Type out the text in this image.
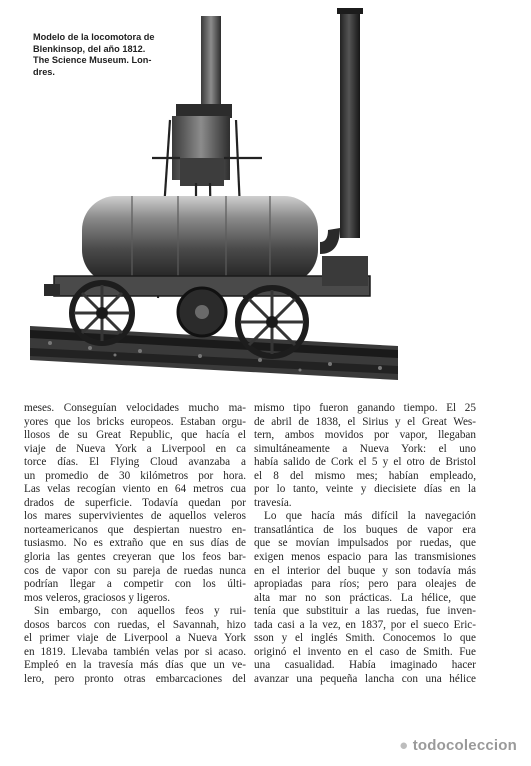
Modelo de la locomotora de
Blenkinsop, del año 1812.
The Science Museum. Lon-
dres.
meses. Conseguían velocidades mucho ma-
yores que los bricks europeos. Estaban orgu-
llosos de su Great Republic, que hacía el
viaje de Nueva York a Liverpool en ca
torce días. El Flying Cloud avanzaba a
un promedio de 30 kilómetros por hora.
Las velas recogían viento en 64 metros cua
drados de superficie. Todavía quedan por
los mares supervivientes de aquellos veleros
norteamericanos que despiertan nuestro en-
tusiasmo. No es extraño que en sus días de
gloria las gentes creyeran que los feos bar-
cos de vapor con su pareja de ruedas nunca
podrían llegar a competir con los últi-
mos veleros, graciosos y ligeros.
Sin embargo, con aquellos feos y rui-
dosos barcos con ruedas, el Savannah, hizo
el primer viaje de Liverpool a Nueva York
en 1819. Llevaba también velas por si acaso.
Empleó en la travesía más días que un ve-
lero, pero pronto otras embarcaciones del
mismo tipo fueron ganando tiempo. El 25
de abril de 1838, el Sirius y el Great Wes-
tern, ambos movidos por vapor, llegaban
simultáneamente a Nueva York: el uno
había salido de Cork el 5 y el otro de Bristol
el 8 del mismo mes; habían empleado,
por lo tanto, veinte y diecisiete días en la
travesía.
Lo que hacía más difícil la navegación
transatlántica de los buques de vapor era
que se movían impulsados por ruedas, que
exigen menos espacio para las transmisiones
en el interior del buque y son todavía más
apropiadas para ríos; pero para oleajes de
alta mar no son prácticas. La hélice, que
tenía que substituir a las ruedas, fue inven-
tada casi a la vez, en 1837, por el sueco Eric-
sson y el inglés Smith. Conocemos lo que
originó el invento en el caso de Smith. Fue
una casualidad. Había imaginado hacer
avanzar una pequeña lancha con una hélice
● todocoleccion
